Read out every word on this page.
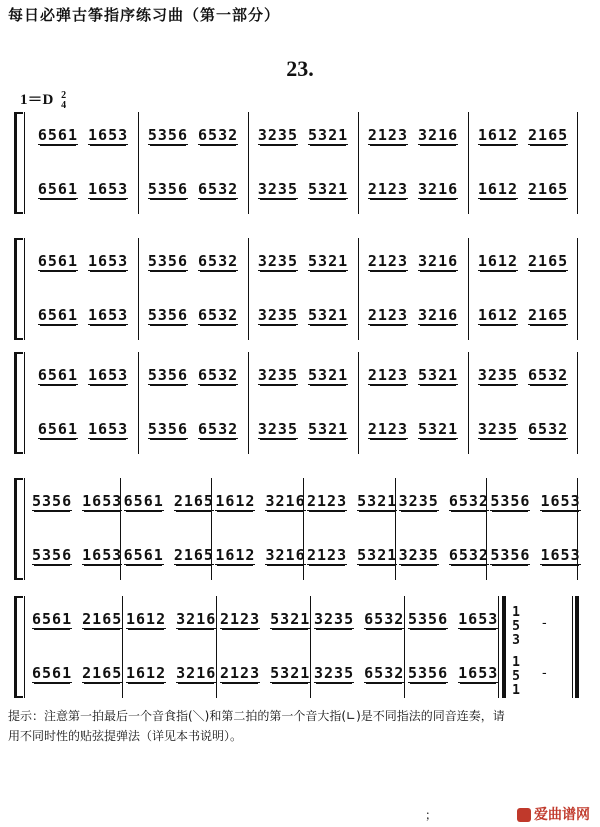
每日必弹古筝指序练习曲（第一部分）
23.
1＝D 2
4
6561 1653
6561 1653
5356 6532
5356 6532
3235 5321
3235 5321
2123 3216
2123 3216
1612 2165
1612 2165
6561 1653
6561 1653
5356 6532
5356 6532
3235 5321
3235 5321
2123 3216
2123 3216
1612 2165
1612 2165
6561 1653
6561 1653
5356 6532
5356 6532
3235 5321
3235 5321
2123 5321
2123 5321
3235 6532
3235 6532
5356 1653
5356 1653
6561 2165
6561 2165
1612 3216
1612 3216
2123 5321
2123 5321
3235 6532
3235 6532
5356 1653
5356 1653
6561 2165
6561 2165
1612 3216
1612 3216
2123 5321
2123 5321
3235 6532
3235 6532
5356 1653
5356 1653
1 5 3
-
1 5 1
-
提示：注意第一拍最后一个音食指(＼)和第二拍的第一个音大指(∟)是不同指法的同音连奏，请
用不同时性的贴弦提弹法（详见本书说明）。
；	爱曲谱网
